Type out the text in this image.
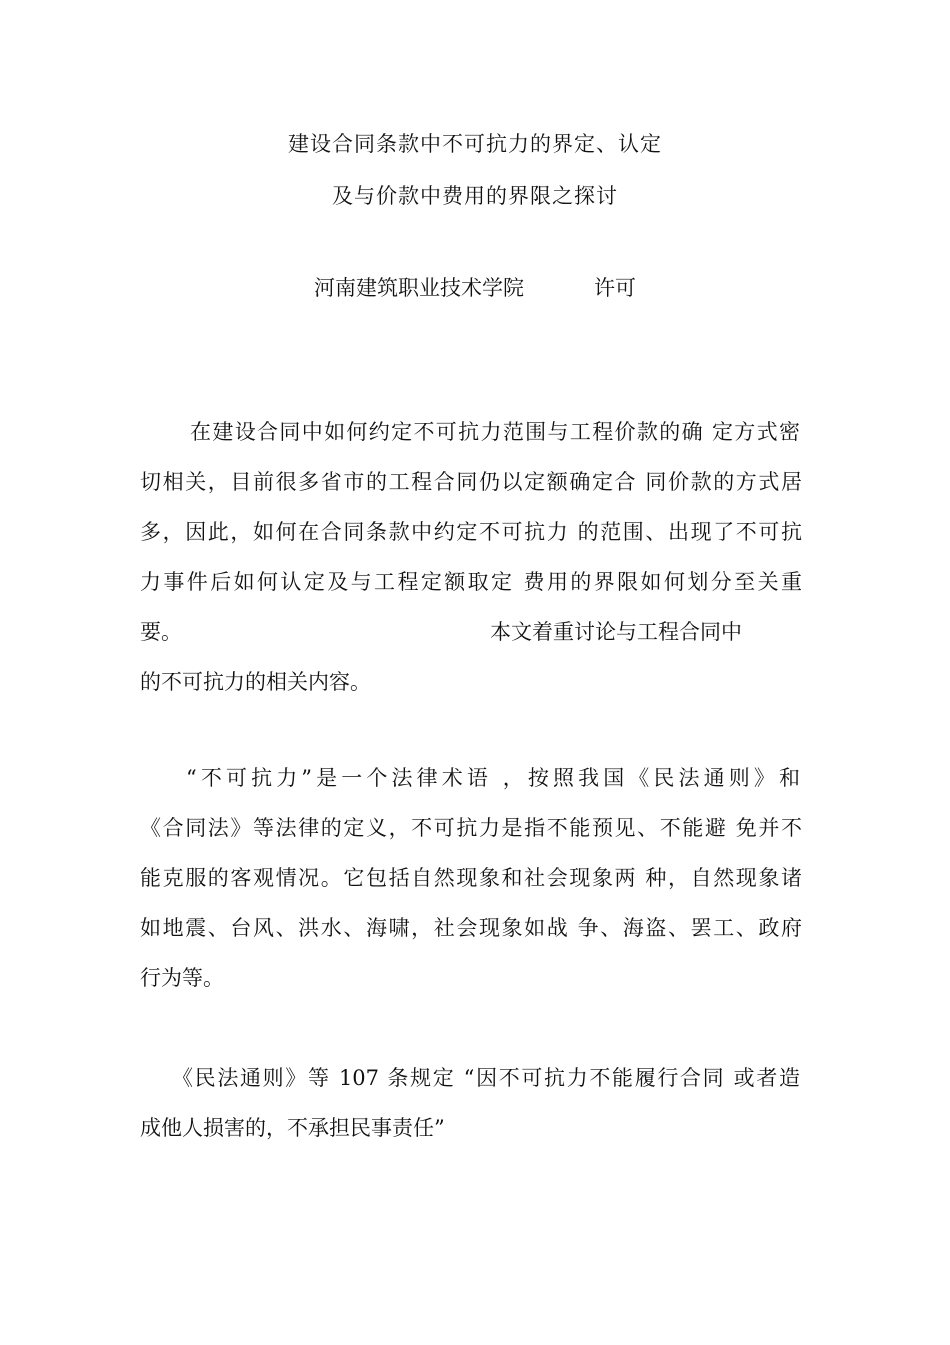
建设合同条款中不可抗力的界定、认定
及与价款中费用的界限之探讨
河南建筑职业技术学院	许可
在建设合同中如何约定不可抗力范围与工程价款的确 定方式密
切相关，目前很多省市的工程合同仍以定额确定合 同价款的方式居
多，因此，如何在合同条款中约定不可抗力 的范围、出现了不可抗
力事件后如何认定及与工程定额取定 费用的界限如何划分至关重
要。	本文着重讨论与工程合同中
的不可抗力的相关内容。
“不可抗力”是一个法律术语 ，按照我国《民法通则》和
《合同法》等法律的定义，不可抗力是指不能预见、不能避 免并不
能克服的客观情况。它包括自然现象和社会现象两 种，自然现象诸
如地震、台风、洪水、海啸，社会现象如战 争、海盗、罢工、政府
行为等。
《民法通则》等 107 条规定 “因不可抗力不能履行合同 或者造
成他人损害的，不承担民事责任”
